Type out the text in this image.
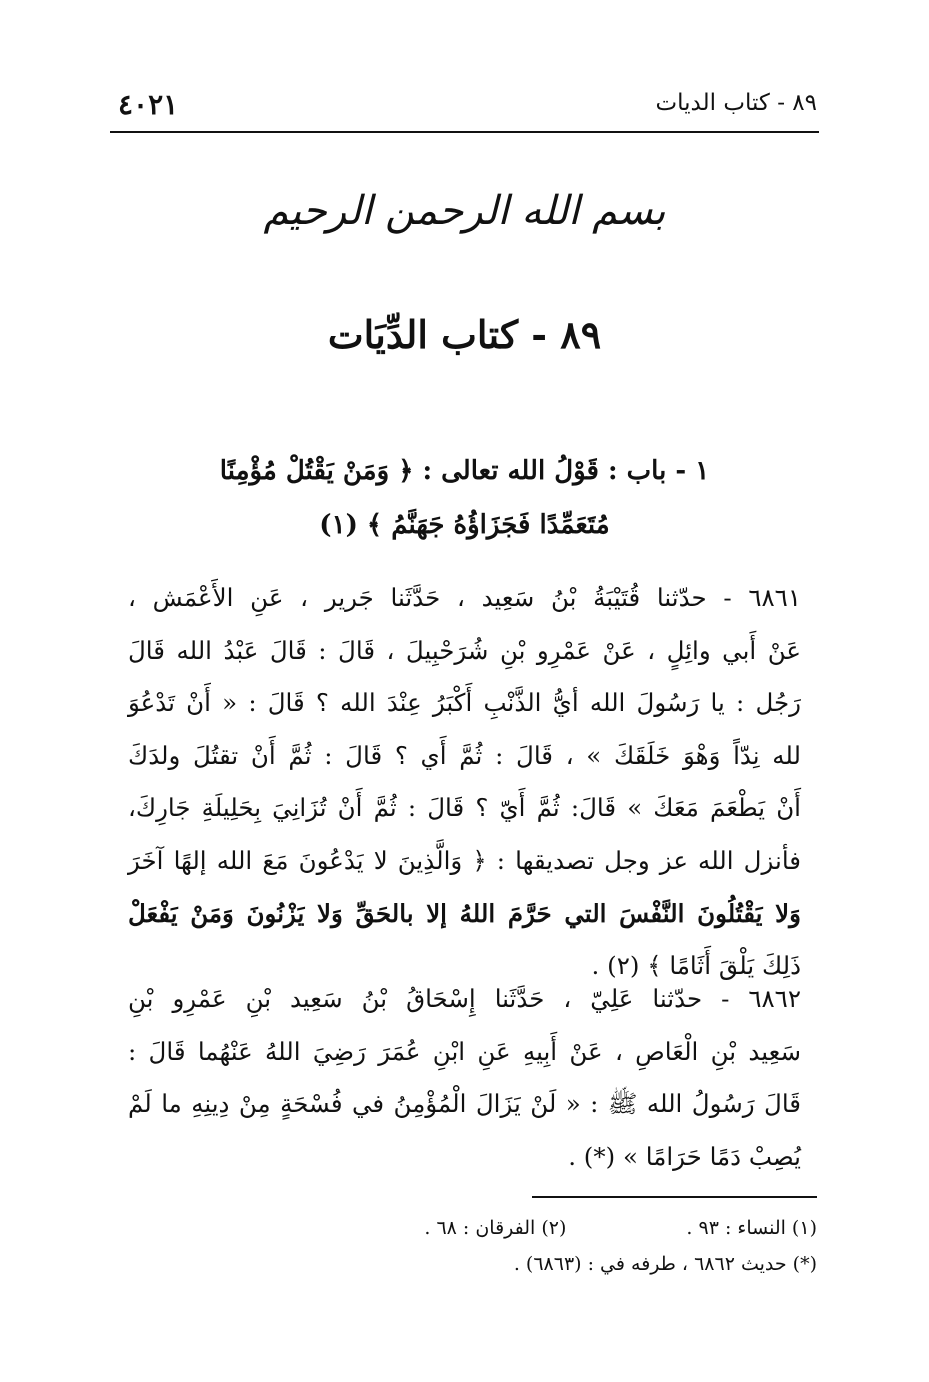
٤٠٢١	٨٩ - كتاب الديات
بسم الله الرحمن الرحيم
٨٩ - كتاب الدِّيَات
١ - باب : قَوْلُ الله تعالى : ﴿ وَمَنْ يَقْتُلْ مُؤْمِنًا
مُتَعَمِّدًا فَجَزَاؤُهُ جَهَنَّمُ ﴾ (١)
٦٨٦١ - حدّثنا قُتَيْبَةُ بْنُ سَعِيد ، حَدَّثَنا جَرير ، عَنِ الأَعْمَش ،
عَنْ أَبي وائِلٍ ، عَنْ عَمْرِو بْنِ شُرَحْبِيلَ ، قَالَ : قَالَ عَبْدُ الله قَالَ
رَجُل : يا رَسُولَ الله أيُّ الذَّنْبِ أَكْبَرُ عِنْدَ الله ؟ قَالَ : « أَنْ تَدْعُوَ
لله نِدّاً وَهْوَ خَلَقَكَ » ، قَالَ : ثُمَّ أَي ؟ قَالَ : ثُمَّ أَنْ تقتُلَ ولدَكَ
أَنْ يَطْعَمَ مَعَكَ » قَالَ: ثُمَّ أَيّ ؟ قَالَ : ثُمَّ أَنْ تُزَانِيَ بِحَلِيلَةِ جَارِكَ،
فأنزل الله عز وجل تصديقها : ﴿ وَالَّذِينَ لا يَدْعُونَ مَعَ الله إلهًا آخَرَ
وَلا يَقْتُلُونَ النَّفْسَ التي حَرَّمَ اللهُ إلا بالحَقِّ وَلا يَزْنُونَ وَمَنْ يَفْعَلْ
ذَلِكَ يَلْقَ أَثَامًا ﴾ (٢) .
٦٨٦٢ - حدّثنا عَلِيّ ، حَدَّثَنا إِسْحَاقُ بْنُ سَعِيد بْنِ عَمْرِو بْنِ
سَعِيد بْنِ الْعَاصِ ، عَنْ أَبِيهِ عَنِ ابْنِ عُمَرَ رَضِيَ اللهُ عَنْهُما قَالَ :
قَالَ رَسُولُ الله ﷺ : « لَنْ يَزَالَ الْمُؤْمِنُ في فُسْحَةٍ مِنْ دِينِهِ ما لَمْ
يُصِبْ دَمًا حَرَامًا » (*) .
(١) النساء : ٩٣ .
(٢) الفرقان : ٦٨ .
(*) حديث ٦٨٦٢ ، طرفه في : (٦٨٦٣) .
